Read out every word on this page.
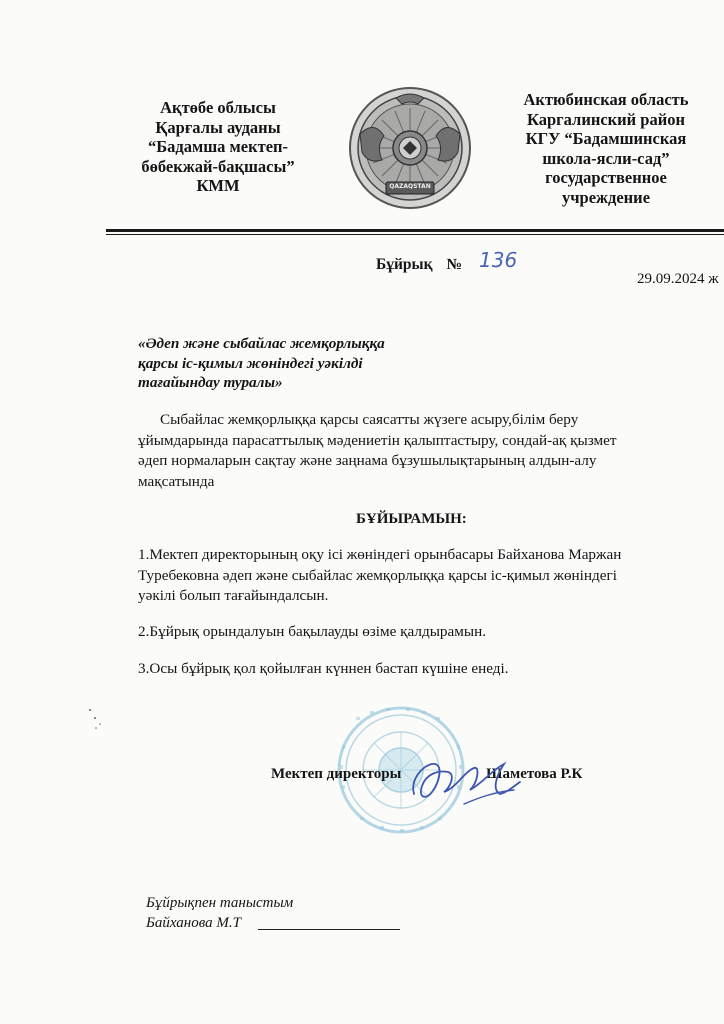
Ақтөбе облысы
Қарғалы ауданы
“Бадамша мектеп-
бөбекжай-бақшасы”
КММ	QAZAQSTAN
Актюбинская область
Каргалинский район
КГУ “Бадамшинская
школа-ясли-сад”
государственное
учреждение
Бұйрық № 136
29.09.2024 ж
«Әдеп және сыбайлас жемқорлыққа
қарсы іс-қимыл жөніндегі уәкілді
тағайындау туралы»
Сыбайлас жемқорлыққа қарсы саясатты жүзеге асыру,білім беру ұйымдарында парасаттылық мәдениетін қалыптастыру, сондай-ақ қызмет әдеп нормаларын сақтау және заңнама бұзушылықтарының алдын-алу мақсатында
БҰЙЫРАМЫН:
1.Мектеп директорының оқу ісі жөніндегі орынбасары Байханова Маржан Туребековна әдеп және сыбайлас жемқорлыққа қарсы іс-қимыл жөніндегі уәкілі болып тағайындалсын.
2.Бұйрық орындалуын бақылауды өзіме қалдырамын.
3.Осы бұйрық қол қойылған күннен бастап күшіне енеді.
Мектеп директоры	Шаметова Р.К
Бұйрықпен таныстым
Байханова М.Т
